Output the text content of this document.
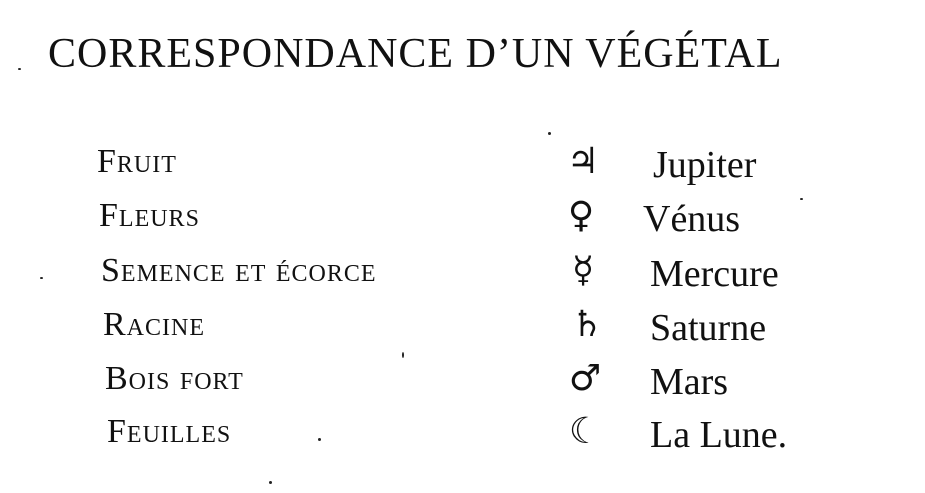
CORRESPONDANCE D’UN VÉGÉTAL
Fruit	♃ Jupiter
Fleurs	♀	Vénus
Semence et écorce	☿	Mercure
Racine	♄ Saturne
Bois fort	♂ Mars
Feuilles	☾ La Lune.
